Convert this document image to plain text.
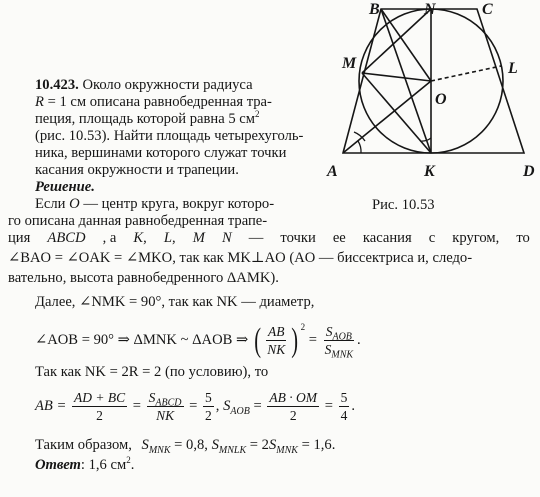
B	N	C
M	L
O
A	K	D
Рис. 10.53
10.423. Около окружности радиуса
R = 1 см описана равнобедренная тра-
пеция, площадь которой равна 5 $см^2$
(рис. 10.53). Найти площадь четырехуголь-
ника, вершинами которого служат точки
касания окружности и трапеции.
Решение.
Если O — центр круга, вокруг которо-
го описана данная равнобедренная трапе-
ция ABCD , а K, L, M N — точки ее касания с кругом, то
∠BAO = ∠OAK = ∠MKO, так как MK⊥AO (AO — биссектриса и, следо-
вательно, высота равнобедренного ΔAMK).
Далее, ∠NMK = 90°, так как NK — диаметр,
∠AOB = 90° ⇒ ΔMNK ~ ΔAOB ⇒ ( $\frac{AB}{NK}$ ) $^2 = \frac{S_{AOB}}{S_{MNK}}$ .
Так как NK = 2R = 2 (по условию), то
AB = $\frac{AD + BC}{2} = \frac{S_{ABCD}}{NK} = \frac{5}{2}$ , $S_{AOB} = \frac{AB \cdot OM}{2} = \frac{5}{4}$ .
Таким образом, $S_{MNK} = 0,8$, $S_{MNLK} = 2S_{MNK} = 1,6$.
Ответ: 1,6 $см^2$.
